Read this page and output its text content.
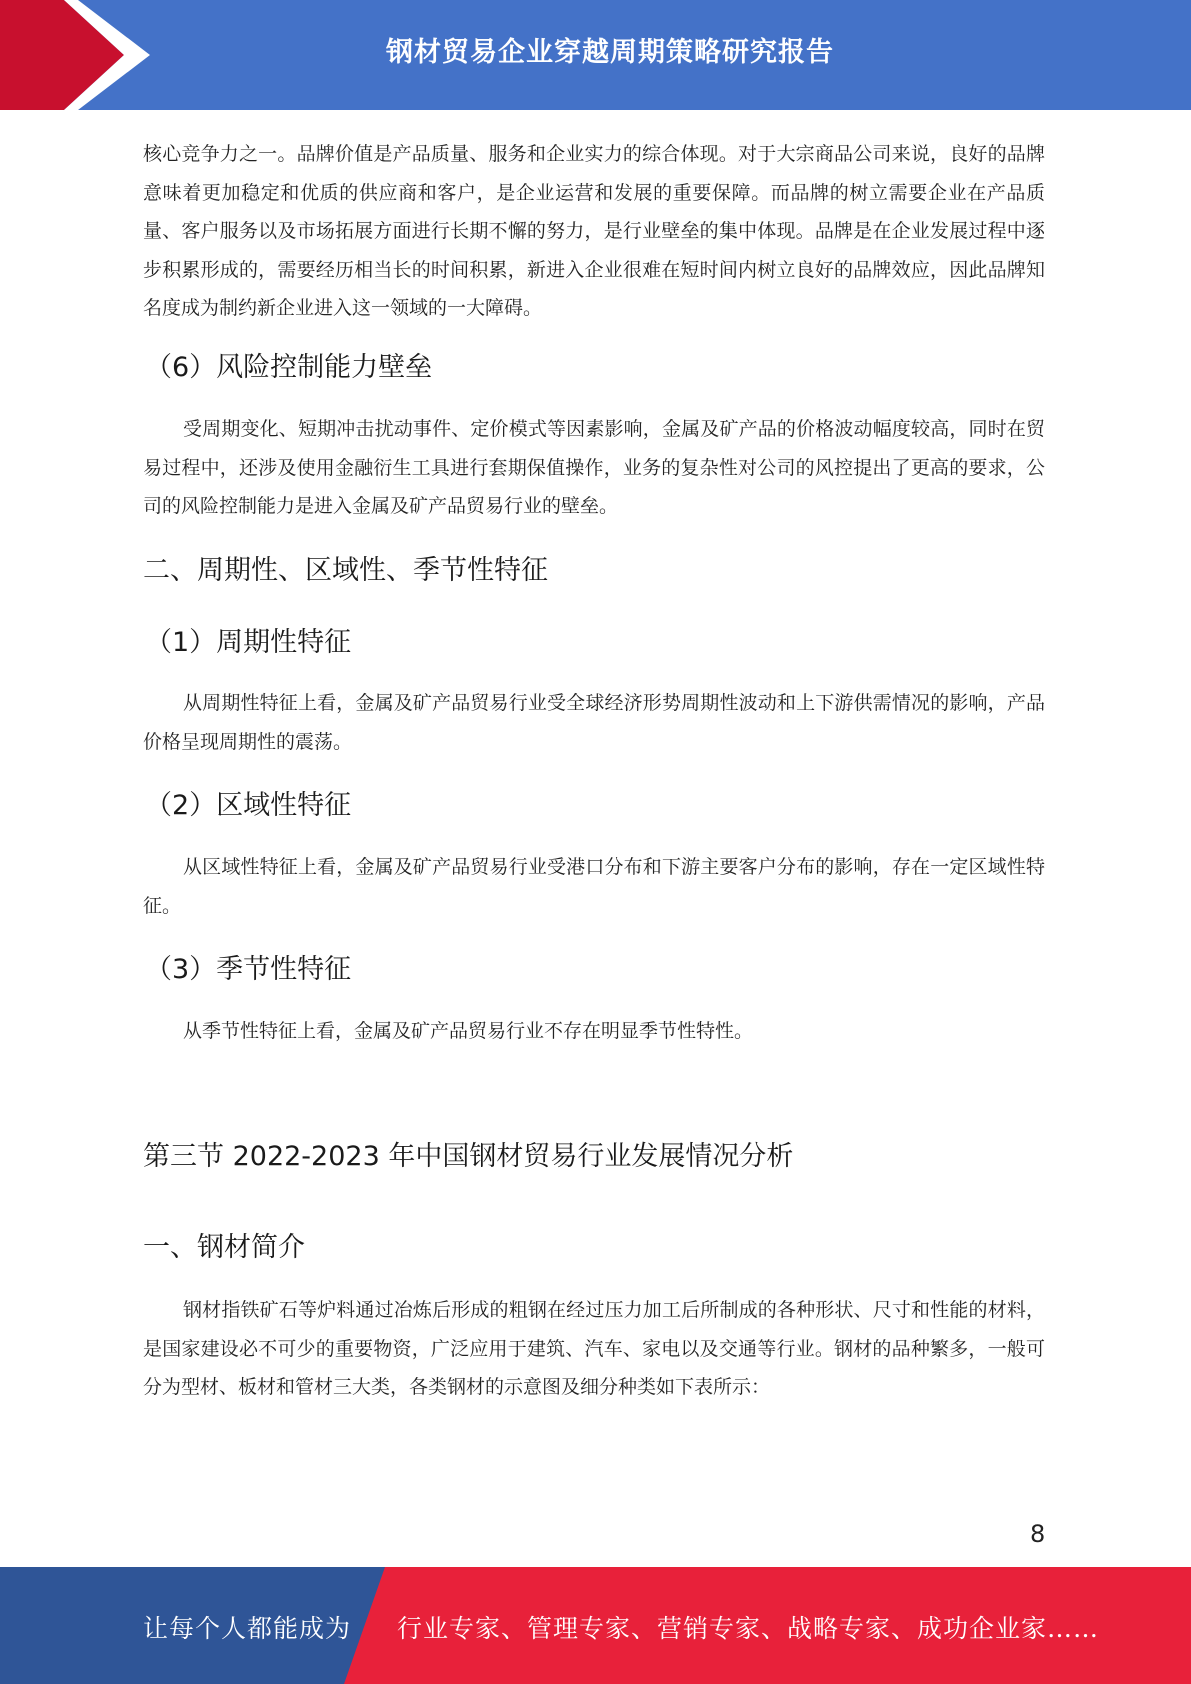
钢材贸易企业穿越周期策略研究报告

核心竞争力之一。品牌价值是产品质量、服务和企业实力的综合体现。对于大宗商品公司来说，良好的品牌意味着更加稳定和优质的供应商和客户，是企业运营和发展的重要保障。而品牌的树立需要企业在产品质量、客户服务以及市场拓展方面进行长期不懈的努力，是行业壁垒的集中体现。品牌是在企业发展过程中逐步积累形成的，需要经历相当长的时间积累，新进入企业很难在短时间内树立良好的品牌效应，因此品牌知名度成为制约新企业进入这一领域的一大障碍。

（6）风险控制能力壁垒

受周期变化、短期冲击扰动事件、定价模式等因素影响，金属及矿产品的价格波动幅度较高，同时在贸易过程中，还涉及使用金融衍生工具进行套期保值操作，业务的复杂性对公司的风控提出了更高的要求，公司的风险控制能力是进入金属及矿产品贸易行业的壁垒。

二、周期性、区域性、季节性特征
（1）周期性特征

从周期性特征上看，金属及矿产品贸易行业受全球经济形势周期性波动和上下游供需情况的影响，产品价格呈现周期性的震荡。

（2）区域性特征

从区域性特征上看，金属及矿产品贸易行业受港口分布和下游主要客户分布的影响，存在一定区域性特征。

（3）季节性特征

从季节性特征上看，金属及矿产品贸易行业不存在明显季节性特性。

第三节 2022-2023 年中国钢材贸易行业发展情况分析
一、钢材简介

钢材指铁矿石等炉料通过冶炼后形成的粗钢在经过压力加工后所制成的各种形状、尺寸和性能的材料，是国家建设必不可少的重要物资，广泛应用于建筑、汽车、家电以及交通等行业。钢材的品种繁多，一般可分为型材、板材和管材三大类，各类钢材的示意图及细分种类如下表所示：

8
让每个人都能成为 行业专家、管理专家、营销专家、战略专家、成功企业家……
